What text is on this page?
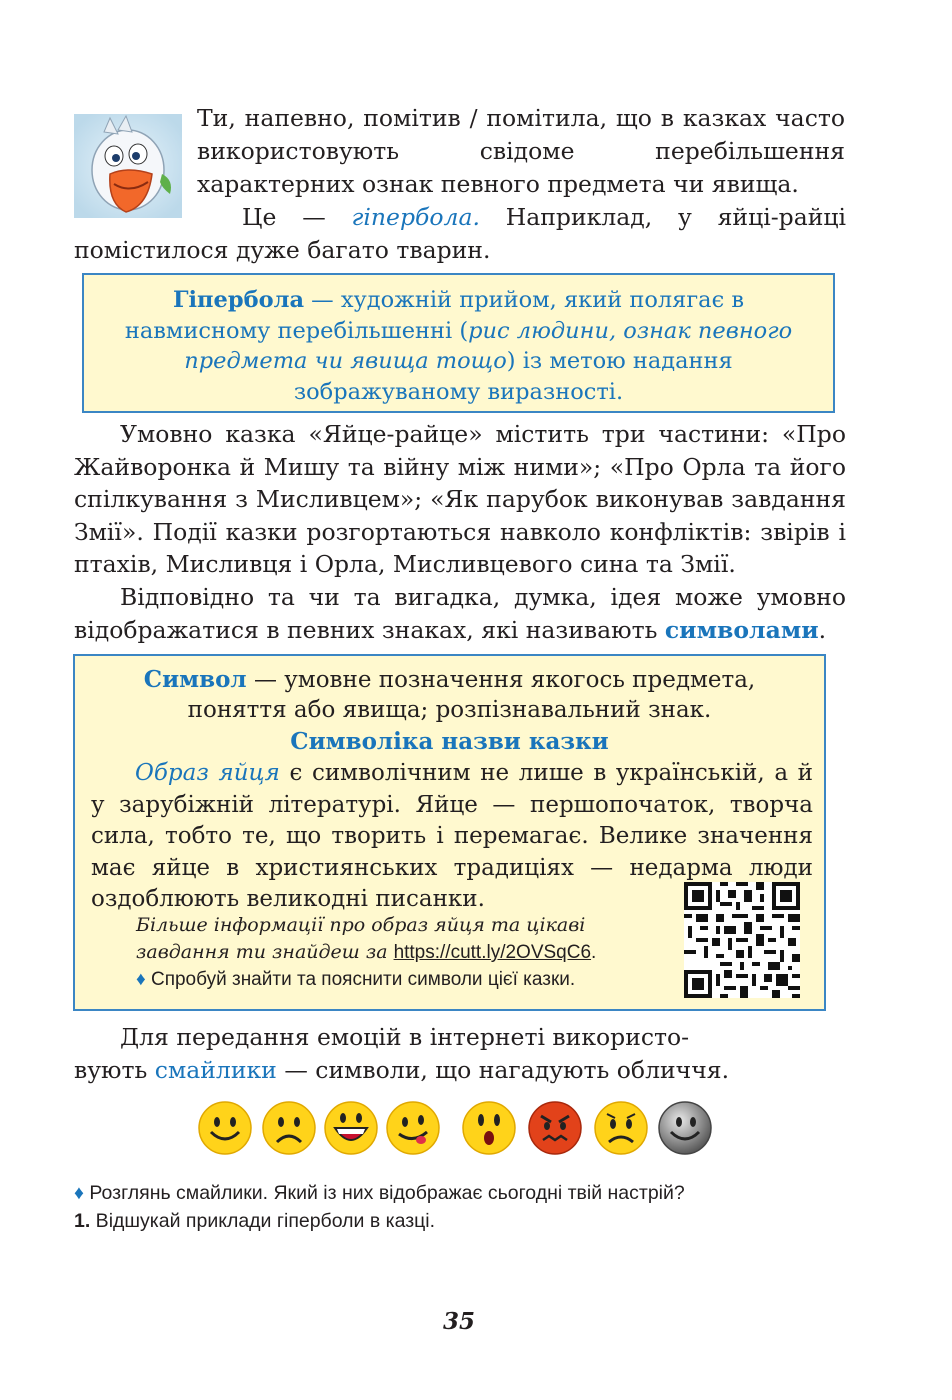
Ти, напевно, помітив / помітила, що в казках часто використовують свідоме перебільшення характерних ознак певного предмета чи явища.

Це — гіпербола. Наприклад, у яйці-райці помістилося дуже багато тварин.

Гіпербола — художній прийом, який полягає в навмисному перебільшенні (рис людини, ознак певного предмета чи явища тощо) із метою надання зображуваному виразності.

Умовно казка «Яйце-райце» містить три частини: «Про Жайворонка й Мишу та війну між ними»; «Про Орла та його спілкування з Мисливцем»; «Як парубок виконував завдання Змії». Події казки розгортаються навколо конфліктів: звірів і птахів, Мисливця і Орла, Мисливцевого сина та Змії.

Відповідно та чи та вигадка, думка, ідея може умовно відображатися в певних знаках, які називають символами.

Символ — умовне позначення якогось предмета,
поняття або явища; розпізнавальний знак.
Символіка назви казки

Образ яйця є символічним не лише в українській, а й у зарубіжній літературі. Яйце — першопочаток, творча сила, тобто те, що творить і перемагає. Велике значення має яйце в християнських традиціях — недарма люди оздоблюють великодні писанки.

Більше інформації про образ яйця та цікаві
завдання ти знайдеш за https://cutt.ly/2OVSqC6.
♦ Спробуй знайти та пояснити символи цієї казки.

Для передання емоцій в інтернеті використо-

вують смайлики — символи, що нагадують обличчя.

♦ Розглянь смайлики. Який із них відображає сьогодні твій настрій?
1. Відшукай приклади гіперболи в казці.
35
